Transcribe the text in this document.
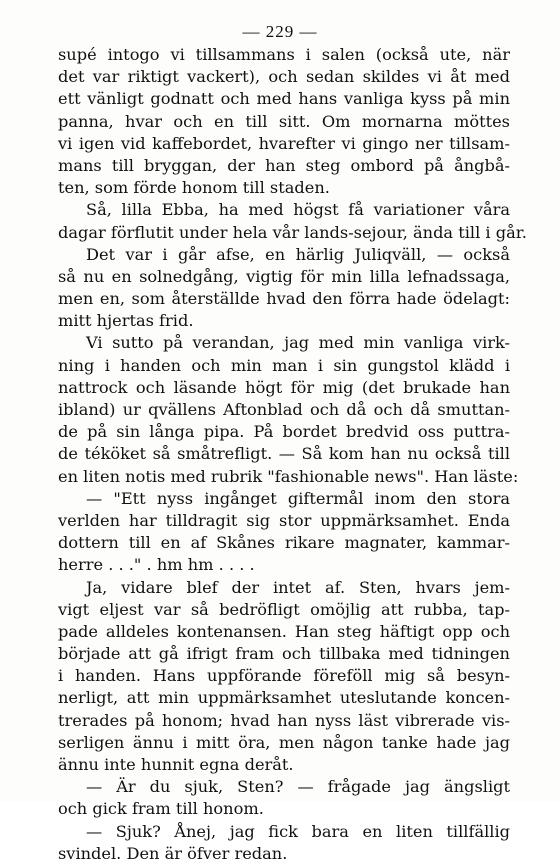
— 229 —
supé intogo vi tillsammans i salen (också ute, när
det var riktigt vackert), och sedan skildes vi åt med
ett vänligt godnatt och med hans vanliga kyss på min
panna, hvar och en till sitt. Om mornarna möttes
vi igen vid kaffebordet, hvarefter vi gingo ner tillsam-
mans till bryggan, der han steg ombord på ångbå-
ten, som förde honom till staden.
Så, lilla Ebba, ha med högst få variationer våra
dagar förflutit under hela vår lands-sejour, ända till i går.
Det var i går afse, en härlig Juliqväll, — också
så nu en solnedgång, vigtig för min lilla lefnadssaga,
men en, som återställde hvad den förra hade ödelagt:
mitt hjertas frid.
Vi sutto på verandan, jag med min vanliga virk-
ning i handen och min man i sin gungstol klädd i
nattrock och läsande högt för mig (det brukade han
ibland) ur qvällens Aftonblad och då och då smuttan-
de på sin långa pipa. På bordet bredvid oss puttra-
de téköket så småtrefligt. — Så kom han nu också till
en liten notis med rubrik "fashionable news". Han läste:
— "Ett nyss ingånget giftermål inom den stora
verlden har tilldragit sig stor uppmärksamhet. Enda
dottern till en af Skånes rikare magnater, kammar-
herre . . ." . hm hm . . . .
Ja, vidare blef der intet af. Sten, hvars jem-
vigt eljest var så bedröfligt omöjlig att rubba, tap-
pade alldeles kontenansen. Han steg häftigt opp och
började att gå ifrigt fram och tillbaka med tidningen
i handen. Hans uppförande föreföll mig så besyn-
nerligt, att min uppmärksamhet uteslutande koncen-
trerades på honom; hvad han nyss läst vibrerade vis-
serligen ännu i mitt öra, men någon tanke hade jag
ännu inte hunnit egna deråt.
— Är du sjuk, Sten? — frågade jag ängsligt
och gick fram till honom.
— Sjuk? Ånej, jag fick bara en liten tillfällig
svindel. Den är öfver redan.
